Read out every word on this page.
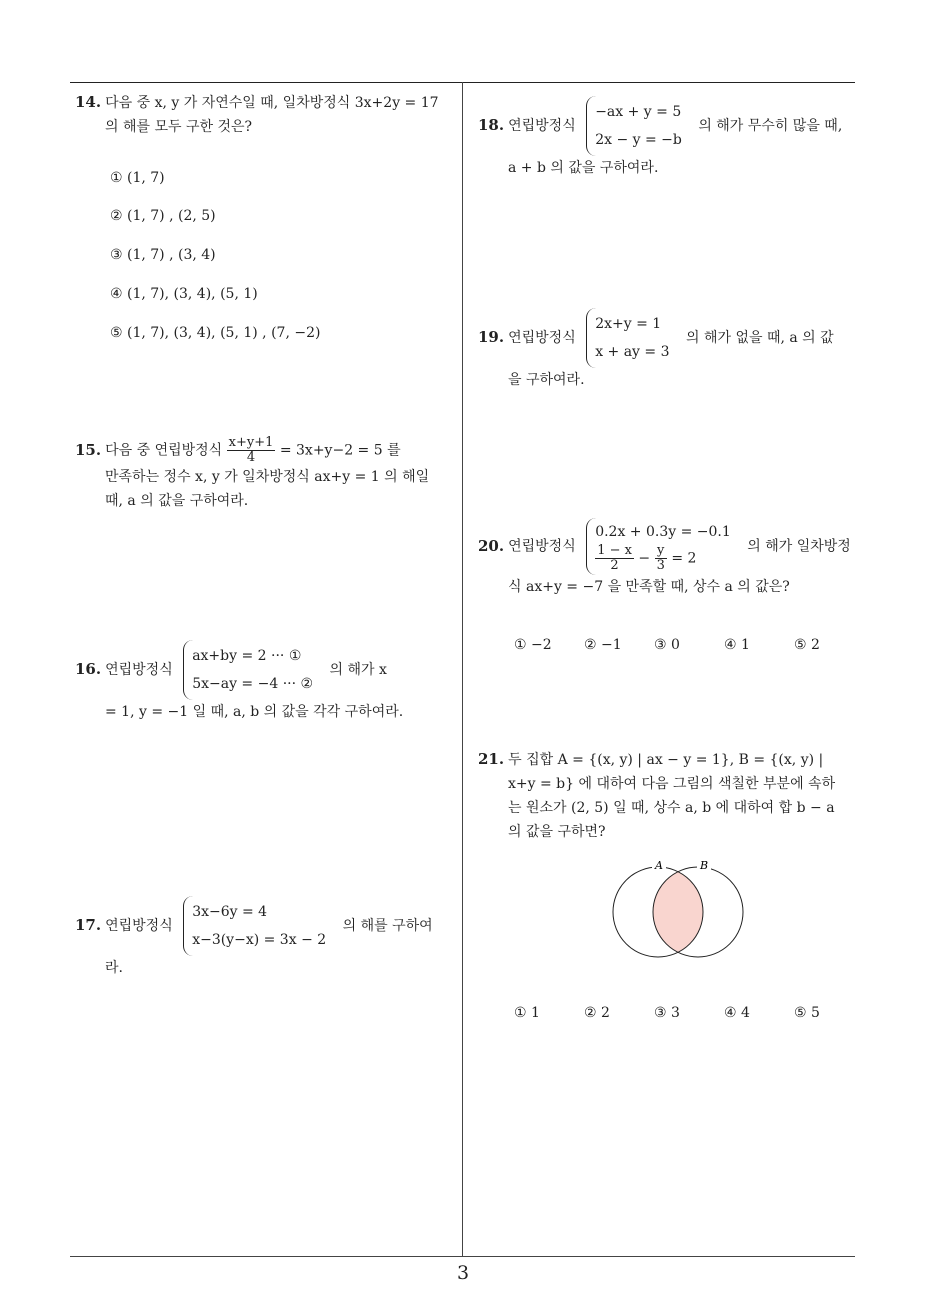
3
14. 다음 중 x, y 가 자연수일 때, 일차방정식 3x+2y = 17
의 해를 모두 구한 것은?
① (1, 7)
② (1, 7) , (2, 5)
③ (1, 7) , (3, 4)
④ (1, 7), (3, 4), (5, 1)
⑤ (1, 7), (3, 4), (5, 1) , (7, −2)
15. 다음 중 연립방정식 $\frac{x+y+1}{4} = 3x+y-2 = 5$ 를
만족하는 정수 x, y 가 일차방정식 ax+y = 1 의 해일
때, a 의 값을 구하여라.
16. 연립방정식
ax+by = 2 ··· ①
5x−ay = −4 ··· ②
의 해가 x
= 1, y = −1 일 때, a, b 의 값을 각각 구하여라.
17. 연립방정식
3x−6y = 4
x−3(y−x) = 3x − 2
의 해를 구하여
라.
18. 연립방정식
−ax + y = 5
2x − y = −b
의 해가 무수히 많을 때,
a + b 의 값을 구하여라.
19. 연립방정식
2x+y = 1
x + ay = 3
의 해가 없을 때, a 의 값
을 구하여라.
20. 연립방정식
0.2x + 0.3y = −0.1
$\frac{1 - x}{2} - \frac{y}{3} = 2$
의 해가 일차방정
식 ax+y = −7 을 만족할 때, 상수 a 의 값은?
① −2 ② −1 ③ 0	④ 1	⑤ 2
21. 두 집합 A = {(x, y) | ax − y = 1}, B = {(x, y) |
x+y = b} 에 대하여 다음 그림의 색칠한 부분에 속하
는 원소가 (2, 5) 일 때, 상수 a, b 에 대하여 합 b − a
의 값을 구하면?
A	B
① 1	② 2	③ 3	④ 4	⑤ 5
